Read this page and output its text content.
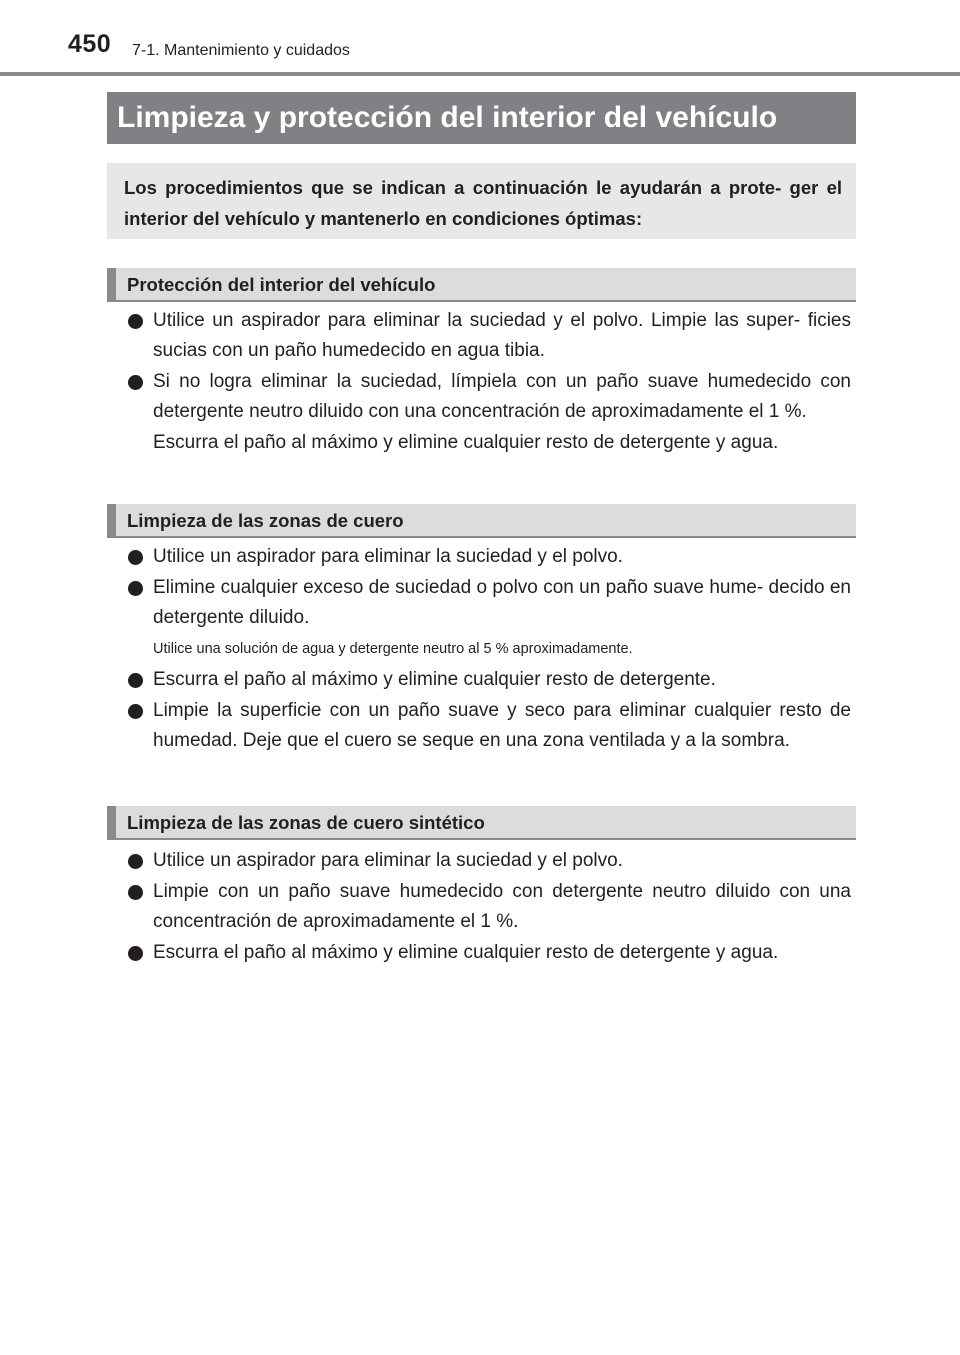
450 7-1. Mantenimiento y cuidados
Limpieza y protección del interior del vehículo
Los procedimientos que se indican a continuación le ayudarán a prote- ger el interior del vehículo y mantenerlo en condiciones óptimas:
Protección del interior del vehículo
Utilice un aspirador para eliminar la suciedad y el polvo. Limpie las super- ficies sucias con un paño humedecido en agua tibia.
Si no logra eliminar la suciedad, límpiela con un paño suave humedecido con detergente neutro diluido con una concentración de aproximadamente el 1 %.
Escurra el paño al máximo y elimine cualquier resto de detergente y agua.
Limpieza de las zonas de cuero
Utilice un aspirador para eliminar la suciedad y el polvo.
Elimine cualquier exceso de suciedad o polvo con un paño suave hume- decido en detergente diluido.
Utilice una solución de agua y detergente neutro al 5 % aproximadamente.
Escurra el paño al máximo y elimine cualquier resto de detergente.
Limpie la superficie con un paño suave y seco para eliminar cualquier resto de humedad. Deje que el cuero se seque en una zona ventilada y a la sombra.
Limpieza de las zonas de cuero sintético
Utilice un aspirador para eliminar la suciedad y el polvo.
Limpie con un paño suave humedecido con detergente neutro diluido con una concentración de aproximadamente el 1 %.
Escurra el paño al máximo y elimine cualquier resto de detergente y agua.
